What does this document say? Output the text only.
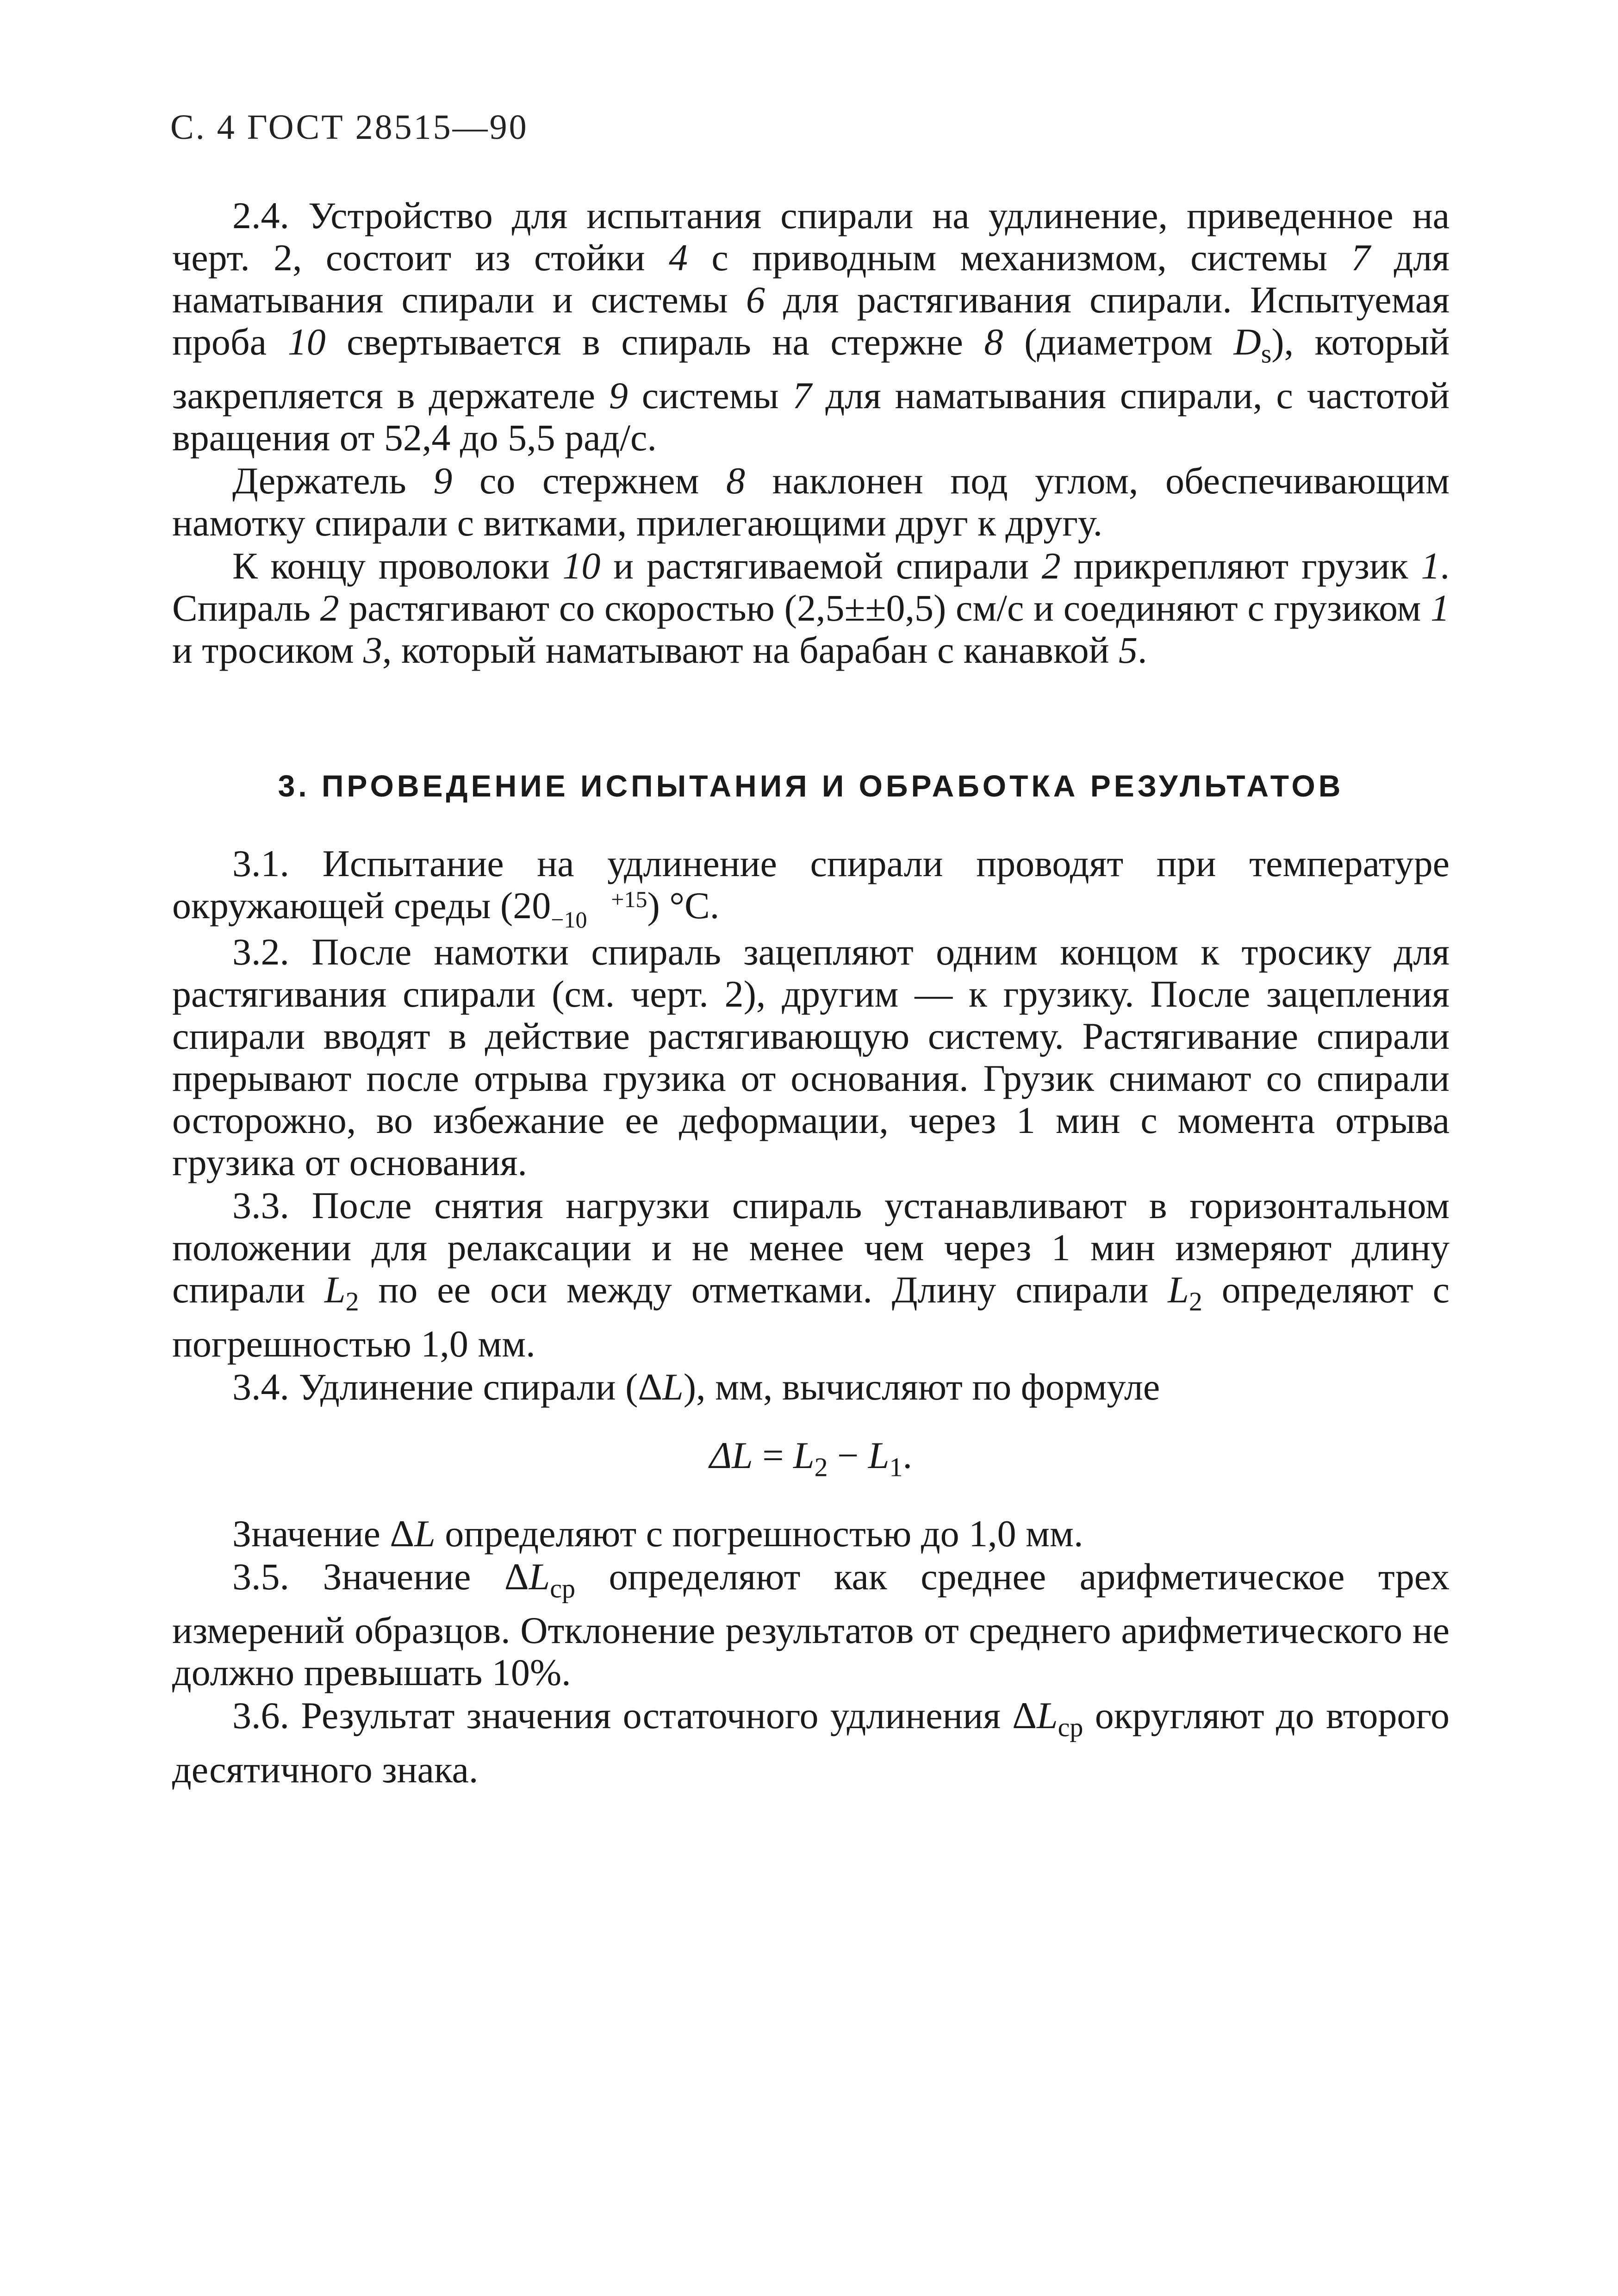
С. 4 ГОСТ 28515—90

2.4. Устройство для испытания спирали на удлинение, приведенное на черт. 2, состоит из стойки 4 с приводным механизмом, системы 7 для наматывания спирали и системы 6 для растягивания спирали. Испытуемая проба 10 свертывается в спираль на стержне 8 (диаметром $D_s$), который закрепляется в держателе 9 системы 7 для наматывания спирали, с частотой вращения от 52,4 до 5,5 рад/с.

Держатель 9 со стержнем 8 наклонен под углом, обеспечивающим намотку спирали с витками, прилегающими друг к другу.

К концу проволоки 10 и растягиваемой спирали 2 прикрепляют грузик 1. Спираль 2 растягивают со скоростью (2,5±±0,5) см/с и соединяют с грузиком 1 и тросиком 3, который наматывают на барабан с канавкой 5.

3. ПРОВЕДЕНИЕ ИСПЫТАНИЯ И ОБРАБОТКА РЕЗУЛЬТАТОВ

3.1. Испытание на удлинение спирали проводят при температуре окружающей среды (20	+15
−10 ) °С.

3.2. После намотки спираль зацепляют одним концом к тросику для растягивания спирали (см. черт. 2), другим — к грузику. После зацепления спирали вводят в действие растягивающую систему. Растягивание спирали прерывают после отрыва грузика от основания. Грузик снимают со спирали осторожно, во избежание ее деформации, через 1 мин с момента отрыва грузика от основания.

3.3. После снятия нагрузки спираль устанавливают в горизонтальном положении для релаксации и не менее чем через 1 мин измеряют длину спирали $L_2$ по ее оси между отметками. Длину спирали $L_2$ определяют с погрешностью 1,0 мм.

3.4. Удлинение спирали (ΔL), мм, вычисляют по формуле

$\Delta L = L_2 - L_1$.

Значение ΔL определяют с погрешностью до 1,0 мм.

3.5. Значение $\Delta L_{ср}$ определяют как среднее арифметическое трех измерений образцов. Отклонение результатов от среднего арифметического не должно превышать 10%.

3.6. Результат значения остаточного удлинения $\Delta L_{ср}$ округляют до второго десятичного знака.
